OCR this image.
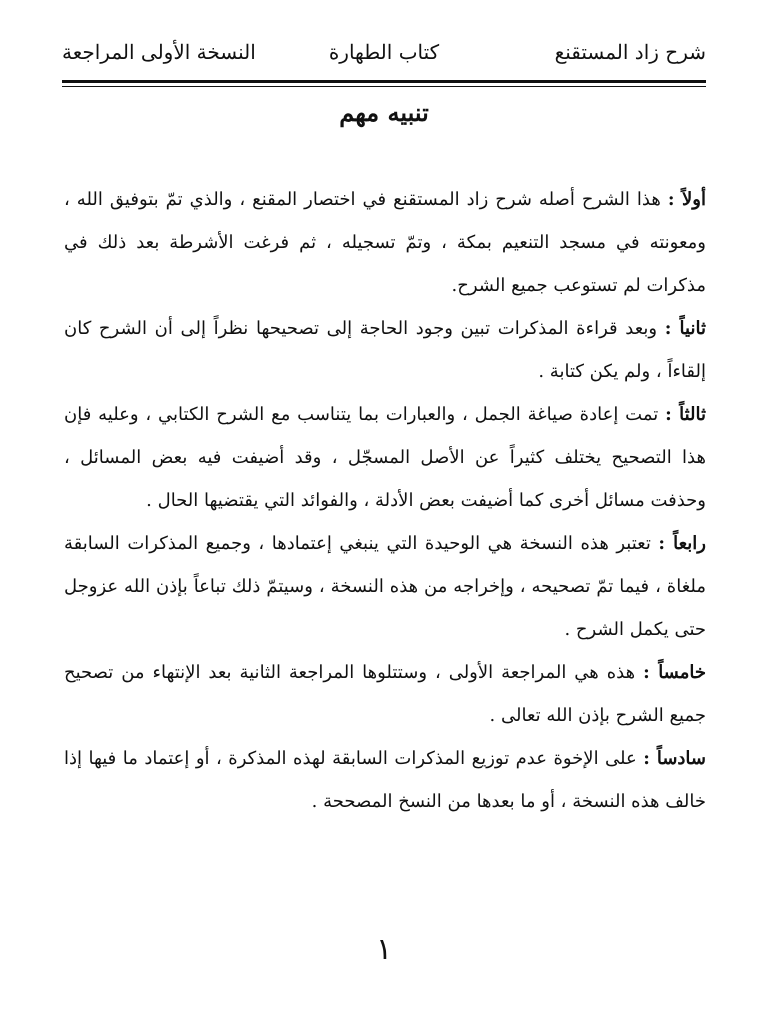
شرح زاد المستقنع
كتاب الطهارة
النسخة الأولى المراجعة
تنبيه مهم

أولاً : هذا الشرح أصله شرح زاد المستقنع في اختصار المقنع ، والذي تمّ بتوفيق الله ، ومعونته في مسجد التنعيم بمكة ، وتمّ تسجيله ، ثم فرغت الأشرطة بعد ذلك في مذكرات لم تستوعب جميع الشرح.

ثانياً : وبعد قراءة المذكرات تبين وجود الحاجة إلى تصحيحها نظراً إلى أن الشرح كان إلقاءاً ، ولم يكن كتابة .

ثالثاً : تمت إعادة صياغة الجمل ، والعبارات بما يتناسب مع الشرح الكتابي ، وعليه فإن هذا التصحيح يختلف كثيراً عن الأصل المسجّل ، وقد أضيفت فيه بعض المسائل ، وحذفت مسائل أخرى كما أضيفت بعض الأدلة ، والفوائد التي يقتضيها الحال .

رابعاً : تعتبر هذه النسخة هي الوحيدة التي ينبغي إعتمادها ، وجميع المذكرات السابقة ملغاة ، فيما تمّ تصحيحه ، وإخراجه من هذه النسخة ، وسيتمّ ذلك تباعاً بإذن الله عزوجل حتى يكمل الشرح .

خامساً : هذه هي المراجعة الأولى ، وستتلوها المراجعة الثانية بعد الإنتهاء من تصحيح جميع الشرح بإذن الله تعالى .

سادساً : على الإخوة عدم توزيع المذكرات السابقة لهذه المذكرة ، أو إعتماد ما فيها إذا خالف هذه النسخة ، أو ما بعدها من النسخ المصححة .

١
